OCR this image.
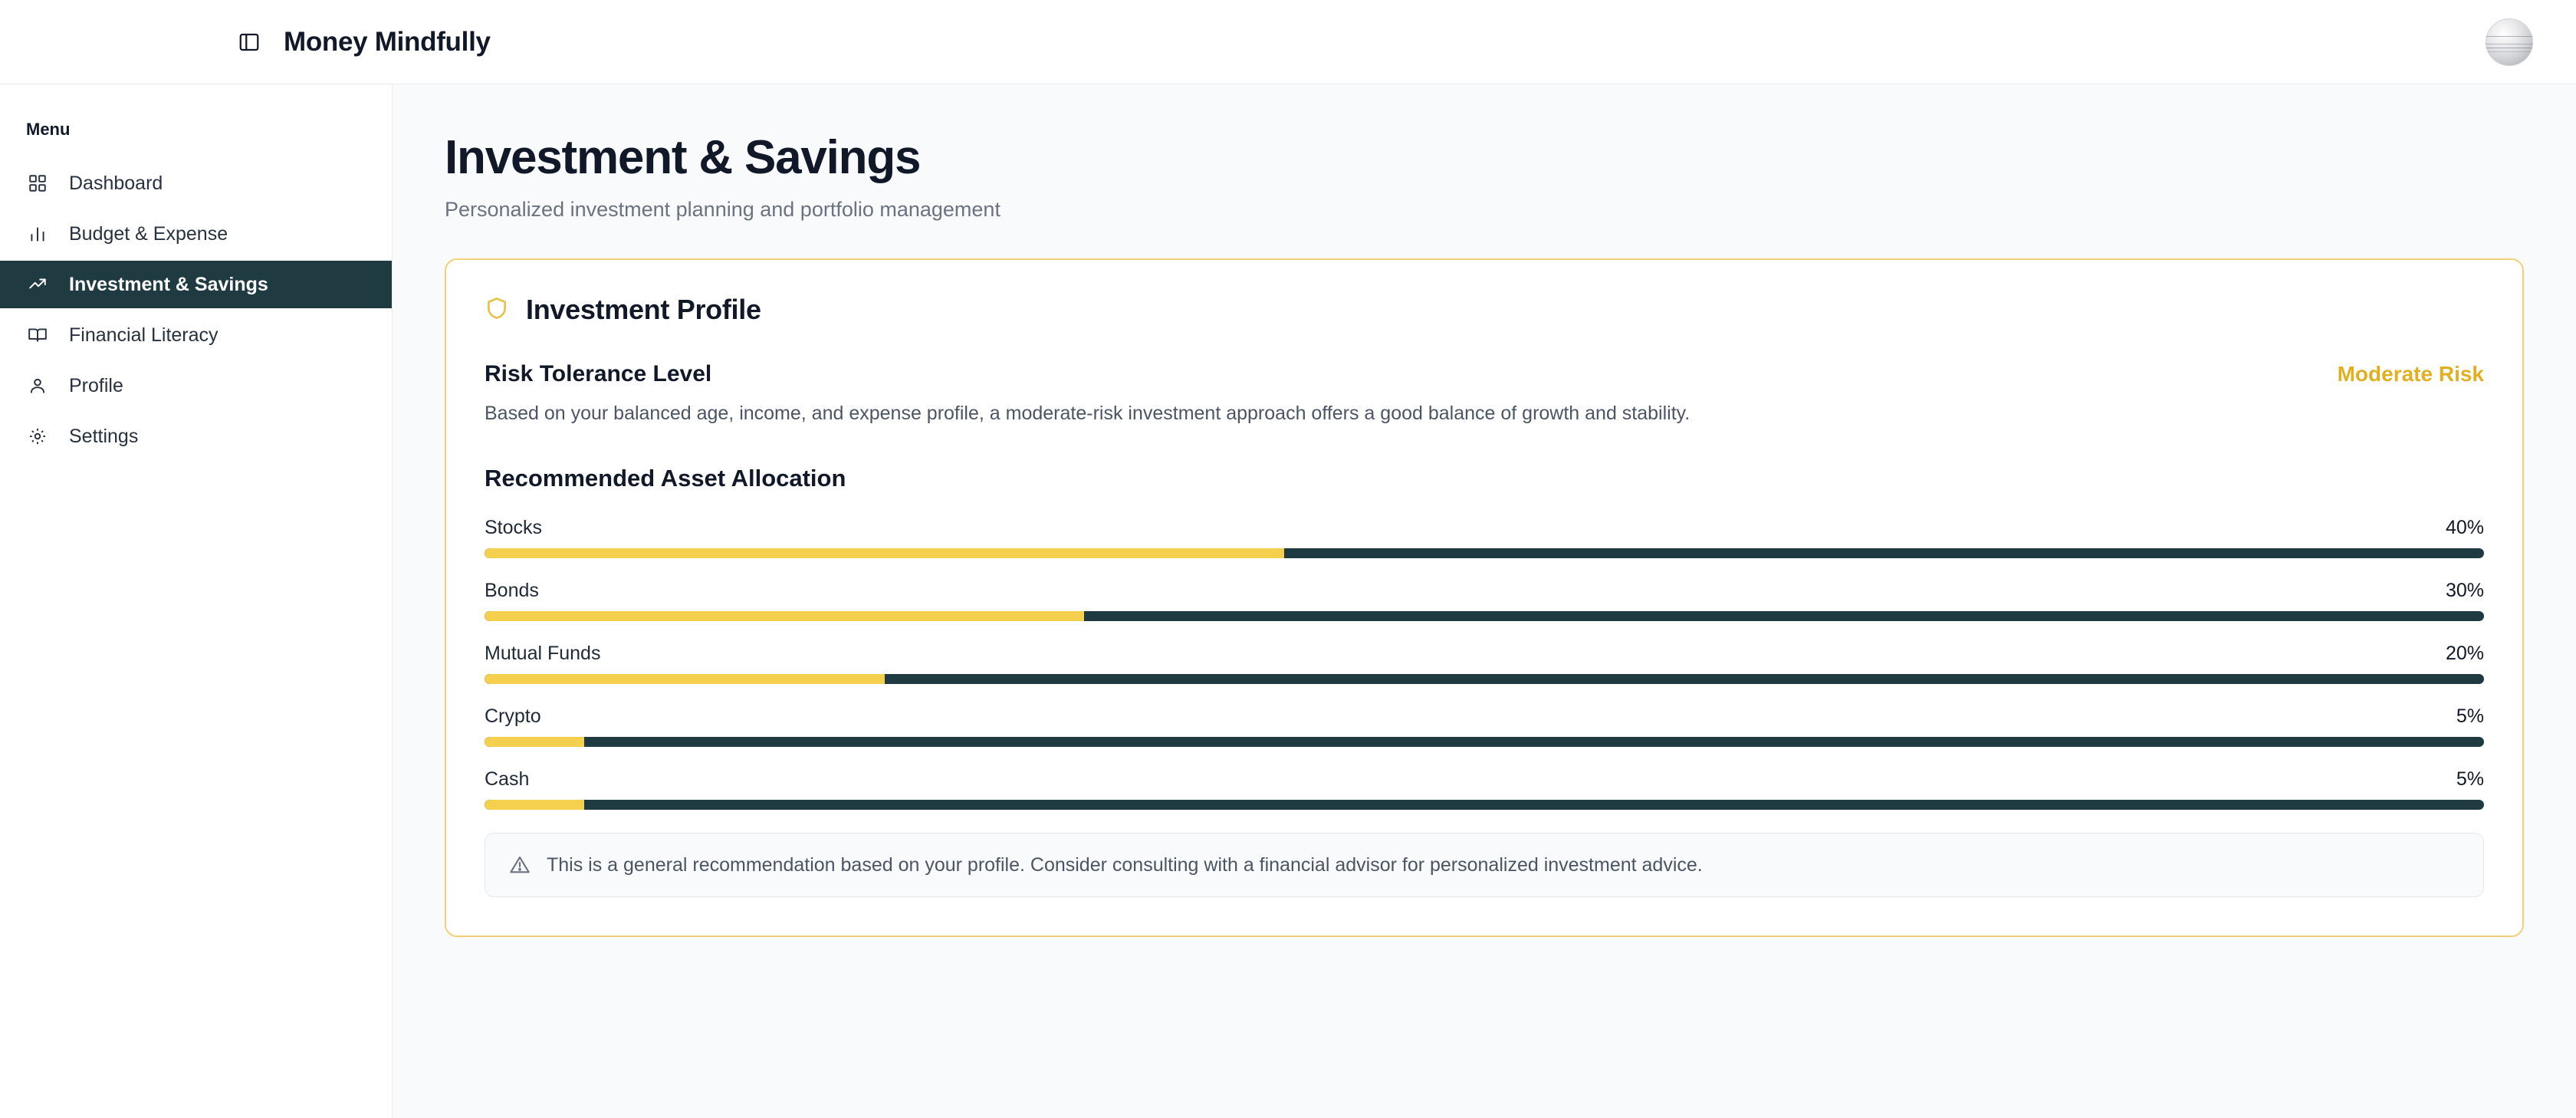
Money Mindfully
Menu
Dashboard
Budget & Expense
Investment & Savings
Financial Literacy
Profile
Settings
Investment & Savings
Personalized investment planning and portfolio management
Investment Profile
Risk Tolerance Level	Moderate Risk
Based on your balanced age, income, and expense profile, a moderate-risk investment approach offers a good balance of growth and stability.
Recommended Asset Allocation
Stocks	40%
Bonds	30%
Mutual Funds	20%
Crypto	5%
Cash	5%
This is a general recommendation based on your profile. Consider consulting with a financial advisor for personalized investment advice.
